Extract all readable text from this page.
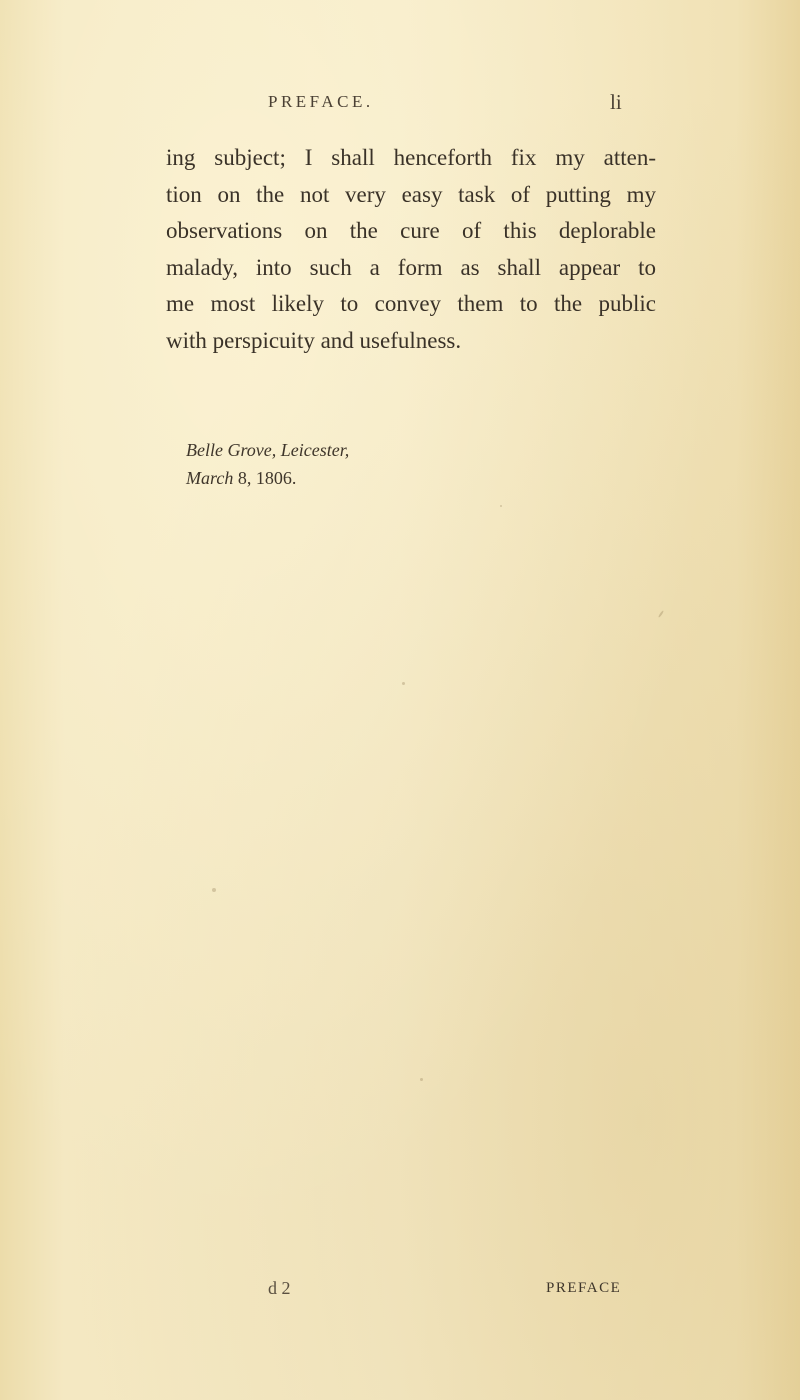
PREFACE.	li
ing subject; I shall henceforth fix my atten-
tion on the not very easy task of putting my
observations on the cure of this deplorable
malady, into such a form as shall appear to
me most likely to convey them to the public
with perspicuity and usefulness.
Belle Grove, Leicester,
March 8, 1806.
d 2	PREFACE
